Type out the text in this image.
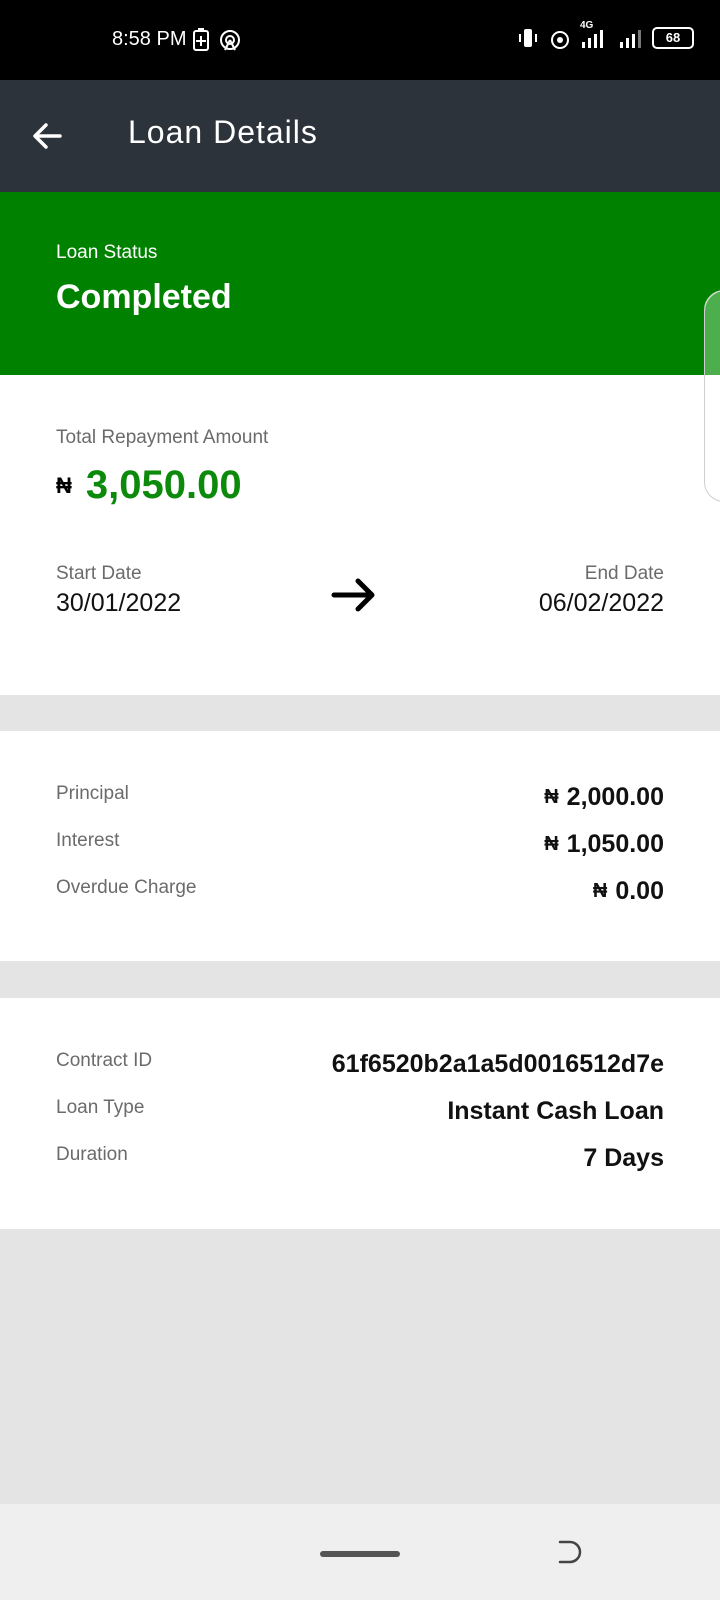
8:58 PM
4G
68
Loan Details
Loan Status
Completed
Total Repayment Amount
₦ 3,050.00
Start Date
30/01/2022
End Date
06/02/2022
Principal	₦ 2,000.00
Interest	₦ 1,050.00
Overdue Charge	₦ 0.00
Contract ID	61f6520b2a1a5d0016512d7e
Loan Type	Instant Cash Loan
Duration	7 Days
